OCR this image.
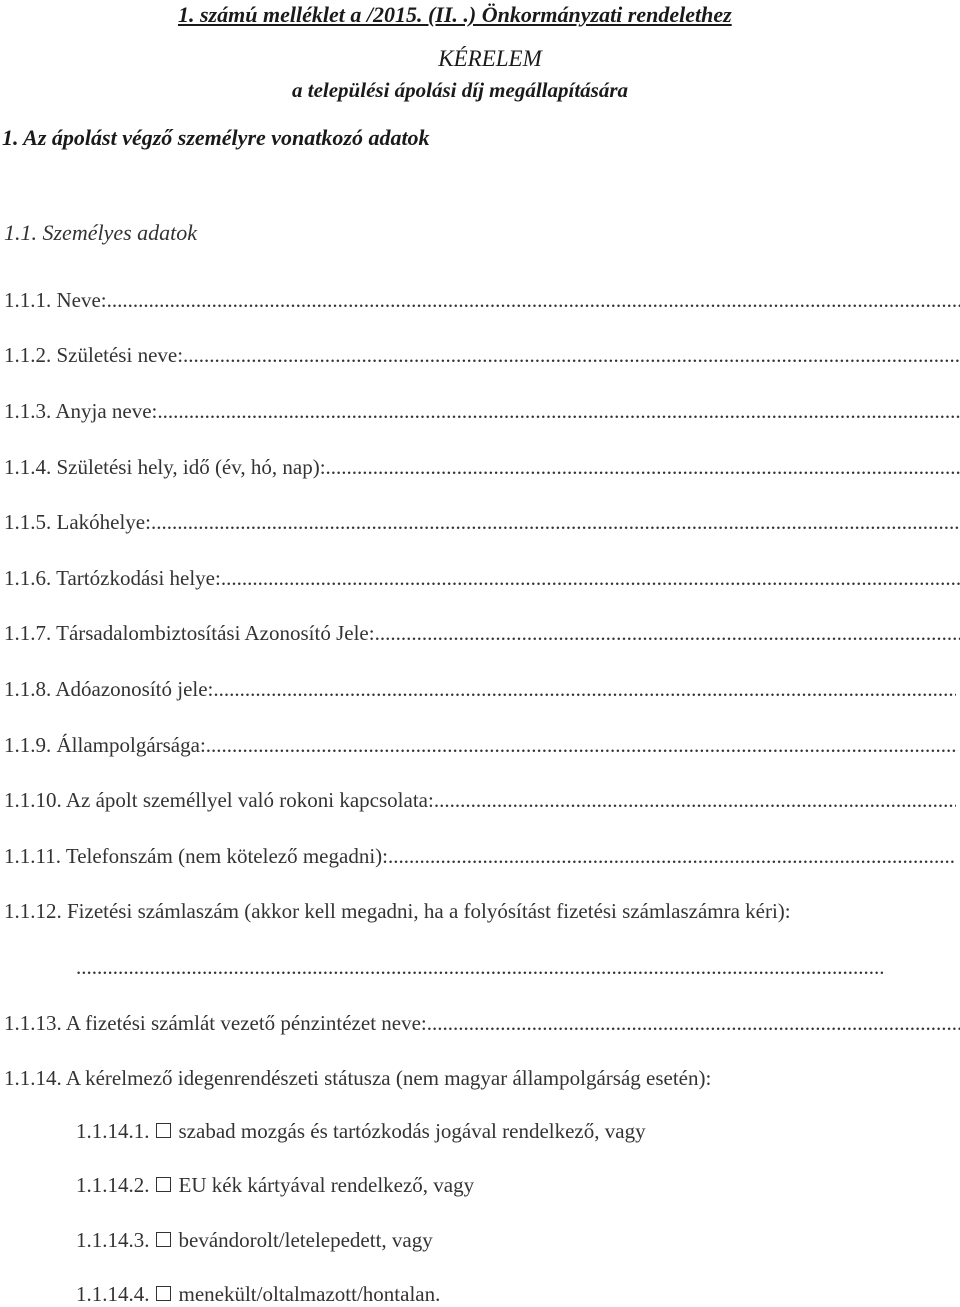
1. számú melléklet a /2015. (II. .) Önkormányzati rendelethez
KÉRELEM
a települési ápolási díj megállapítására
1. Az ápolást végző személyre vonatkozó adatok
1.1. Személyes adatok
1.1.1. Neve:
.....
1.1.2. Születési neve:
.....
1.1.3. Anyja neve:
.....
1.1.4. Születési hely, idő (év, hó, nap):
.....
1.1.5. Lakóhelye:
.....
1.1.6. Tartózkodási helye:
.....
1.1.7. Társadalombiztosítási Azonosító Jele:
.....
1.1.8. Adóazonosító jele:
.....
1.1.9. Állampolgársága:
.....
1.1.10. Az ápolt személlyel való rokoni kapcsolata:
.....
1.1.11. Telefonszám (nem kötelező megadni):
.....
1.1.12. Fizetési számlaszám (akkor kell megadni, ha a folyósítást fizetési számlaszámra kéri):
.....
1.1.13. A fizetési számlát vezető pénzintézet neve:
.....
1.1.14. A kérelmező idegenrendészeti státusza (nem magyar állampolgárság esetén):
1.1.14.1. szabad mozgás és tartózkodás jogával rendelkező, vagy
1.1.14.2. EU kék kártyával rendelkező, vagy
1.1.14.3. bevándorolt/letelepedett, vagy
1.1.14.4. menekült/oltalmazott/hontalan.
